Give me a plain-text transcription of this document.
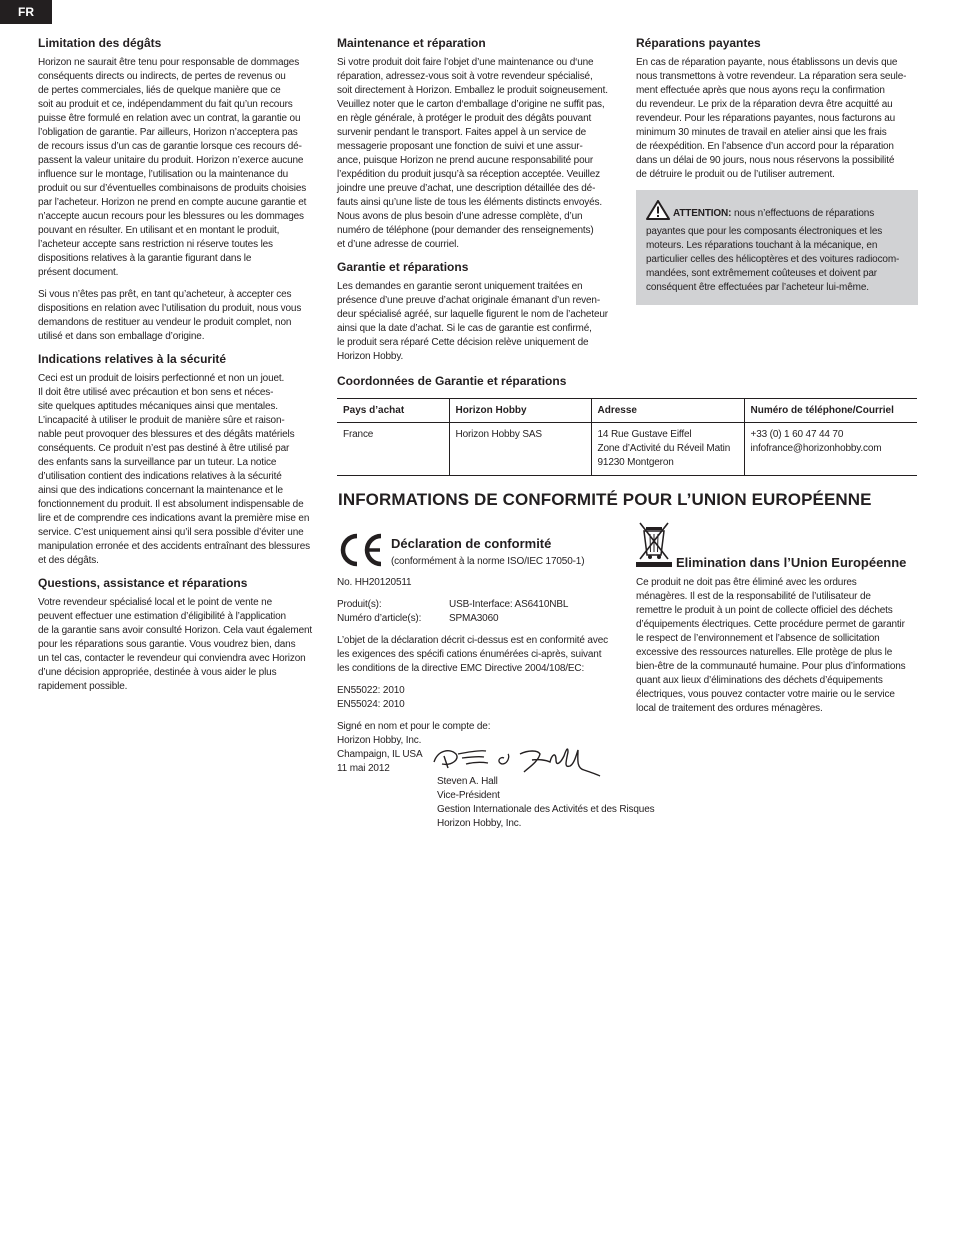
FR
Limitation des dégâts

Horizon ne saurait être tenu pour responsable de dommages
conséquents directs ou indirects, de pertes de revenus ou
de pertes commerciales, liés de quelque manière que ce
soit au produit et ce, indépendamment du fait qu’un recours
puisse être formulé en relation avec un contrat, la garantie ou
l’obligation de garantie. Par ailleurs, Horizon n’acceptera pas
de recours issus d’un cas de garantie lorsque ces recours dé-
passent la valeur unitaire du produit. Horizon n’exerce aucune
influence sur le montage, l’utilisation ou la maintenance du
produit ou sur d’éventuelles combinaisons de produits choisies
par l’acheteur. Horizon ne prend en compte aucune garantie et
n’accepte aucun recours pour les blessures ou les dommages
pouvant en résulter. En utilisant et en montant le produit,
l’acheteur accepte sans restriction ni réserve toutes les
dispositions relatives à la garantie figurant dans le
présent document.

Si vous n’êtes pas prêt, en tant qu’acheteur, à accepter ces
dispositions en relation avec l’utilisation du produit, nous vous
demandons de restituer au vendeur le produit complet, non
utilisé et dans son emballage d’origine.

Indications relatives à la sécurité

Ceci est un produit de loisirs perfectionné et non un jouet.
Il doit être utilisé avec précaution et bon sens et néces-
site quelques aptitudes mécaniques ainsi que mentales.
L’incapacité à utiliser le produit de manière sûre et raison-
nable peut provoquer des blessures et des dégâts matériels
conséquents. Ce produit n’est pas destiné à être utilisé par
des enfants sans la surveillance par un tuteur. La notice
d’utilisation contient des indications relatives à la sécurité
ainsi que des indications concernant la maintenance et le
fonctionnement du produit. Il est absolument indispensable de
lire et de comprendre ces indications avant la première mise en
service. C’est uniquement ainsi qu’il sera possible d’éviter une
manipulation erronée et des accidents entraînant des blessures
et des dégâts.

Questions, assistance et réparations

Votre revendeur spécialisé local et le point de vente ne
peuvent effectuer une estimation d’éligibilité à l’application
de la garantie sans avoir consulté Horizon. Cela vaut également
pour les réparations sous garantie. Vous voudrez bien, dans
un tel cas, contacter le revendeur qui conviendra avec Horizon
d’une décision appropriée, destinée à vous aider le plus
rapidement possible.

Maintenance et réparation

Si votre produit doit faire l’objet d’une maintenance ou d‘une
réparation, adressez-vous soit à votre revendeur spécialisé,
soit directement à Horizon. Emballez le produit soigneusement.
Veuillez noter que le carton d‘emballage d’origine ne suffit pas,
en règle générale, à protéger le produit des dégâts pouvant
survenir pendant le transport. Faites appel à un service de
messagerie proposant une fonction de suivi et une assur-
ance, puisque Horizon ne prend aucune responsabilité pour
l’expédition du produit jusqu’à sa réception acceptée. Veuillez
joindre une preuve d’achat, une description détaillée des dé-
fauts ainsi qu’une liste de tous les éléments distincts envoyés.
Nous avons de plus besoin d’une adresse complète, d’un
numéro de téléphone (pour demander des renseignements)
et d’une adresse de courriel.

Garantie et réparations

Les demandes en garantie seront uniquement traitées en
présence d’une preuve d’achat originale émanant d’un reven-
deur spécialisé agréé, sur laquelle figurent le nom de l’acheteur
ainsi que la date d’achat. Si le cas de garantie est confirmé,
le produit sera réparé Cette décision relève uniquement de
Horizon Hobby.

Réparations payantes

En cas de réparation payante, nous établissons un devis que
nous transmettons à votre revendeur. La réparation sera seule-
ment effectuée après que nous ayons reçu la confirmation
du revendeur. Le prix de la réparation devra être acquitté au
revendeur. Pour les réparations payantes, nous facturons au
minimum 30 minutes de travail en atelier ainsi que les frais
de réexpédition. En l’absence d’un accord pour la réparation
dans un délai de 90 jours, nous nous réservons la possibilité
de détruire le produit ou de l’utiliser autrement.

ATTENTION: nous n’effectuons de réparations payantes que pour les composants électroniques et les moteurs. Les réparations touchant à la mécanique, en particulier celles des hélicoptères et des voitures radiocom-mandées, sont extrêmement coûteuses et doivent par conséquent être effectuées par l’acheteur lui-même.
Coordonnées de Garantie et réparations
Pays d’achat	Horizon Hobby	Adresse	Numéro de téléphone/Courriel
France	Horizon Hobby SAS	14 Rue Gustave Eiffel
Zone d’Activité du Réveil Matin
91230 Montgeron	+33 (0) 1 60 47 44 70
infofrance@horizonhobby.com
INFORMATIONS DE CONFORMITÉ POUR L’UNION EUROPÉENNE
Déclaration de conformité
(conformément à la norme ISO/IEC 17050-1)

No. HH20120511

Produit(s):	USB-Interface: AS6410NBL
Numéro d’article(s):	SPMA3060

L’objet de la déclaration décrit ci-dessus est en conformité avec
les exigences des spécifi cations énumérées ci-après, suivant
les conditions de la directive EMC Directive 2004/108/EC:

EN55022: 2010
EN55024: 2010

Signé en nom et pour le compte de:
Horizon Hobby, Inc.
Champaign, IL USA
11 mai 2012

Steven A. Hall
Vice-Président
Gestion Internationale des Activités et des Risques
Horizon Hobby, Inc.
Elimination dans l’Union Européenne

Ce produit ne doit pas être éliminé avec les ordures
ménagères. Il est de la responsabilité de l’utilisateur de
remettre le produit à un point de collecte officiel des déchets
d’équipements électriques. Cette procédure permet de garantir
le respect de l’environnement et l’absence de sollicitation
excessive des ressources naturelles. Elle protège de plus le
bien-être de la communauté humaine. Pour plus d’informations
quant aux lieux d’éliminations des déchets d’équipements
électriques, vous pouvez contacter votre mairie ou le service
local de traitement des ordures ménagères.
